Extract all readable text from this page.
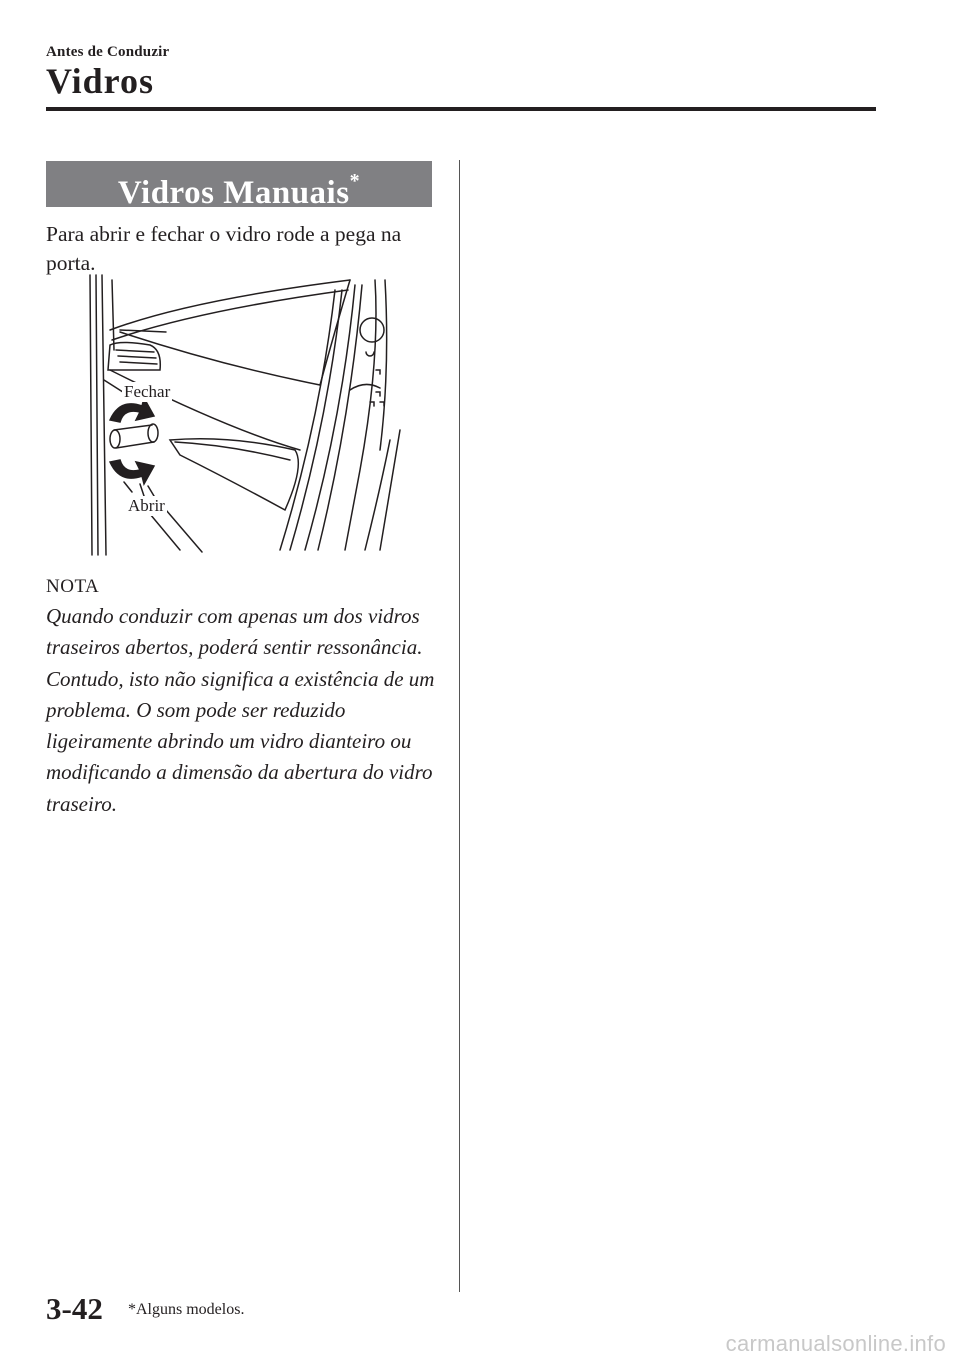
Antes de Conduzir
Vidros
Vidros Manuais*
Para abrir e fechar o vidro rode a pega na porta.
Fechar
Abrir
NOTA
Quando conduzir com apenas um dos vidros traseiros abertos, poderá sentir ressonância. Contudo, isto não significa a existência de um problema. O som pode ser reduzido ligeiramente abrindo um vidro dianteiro ou modificando a dimensão da abertura do vidro traseiro.
3-42 *Alguns modelos.
carmanualsonline.info
